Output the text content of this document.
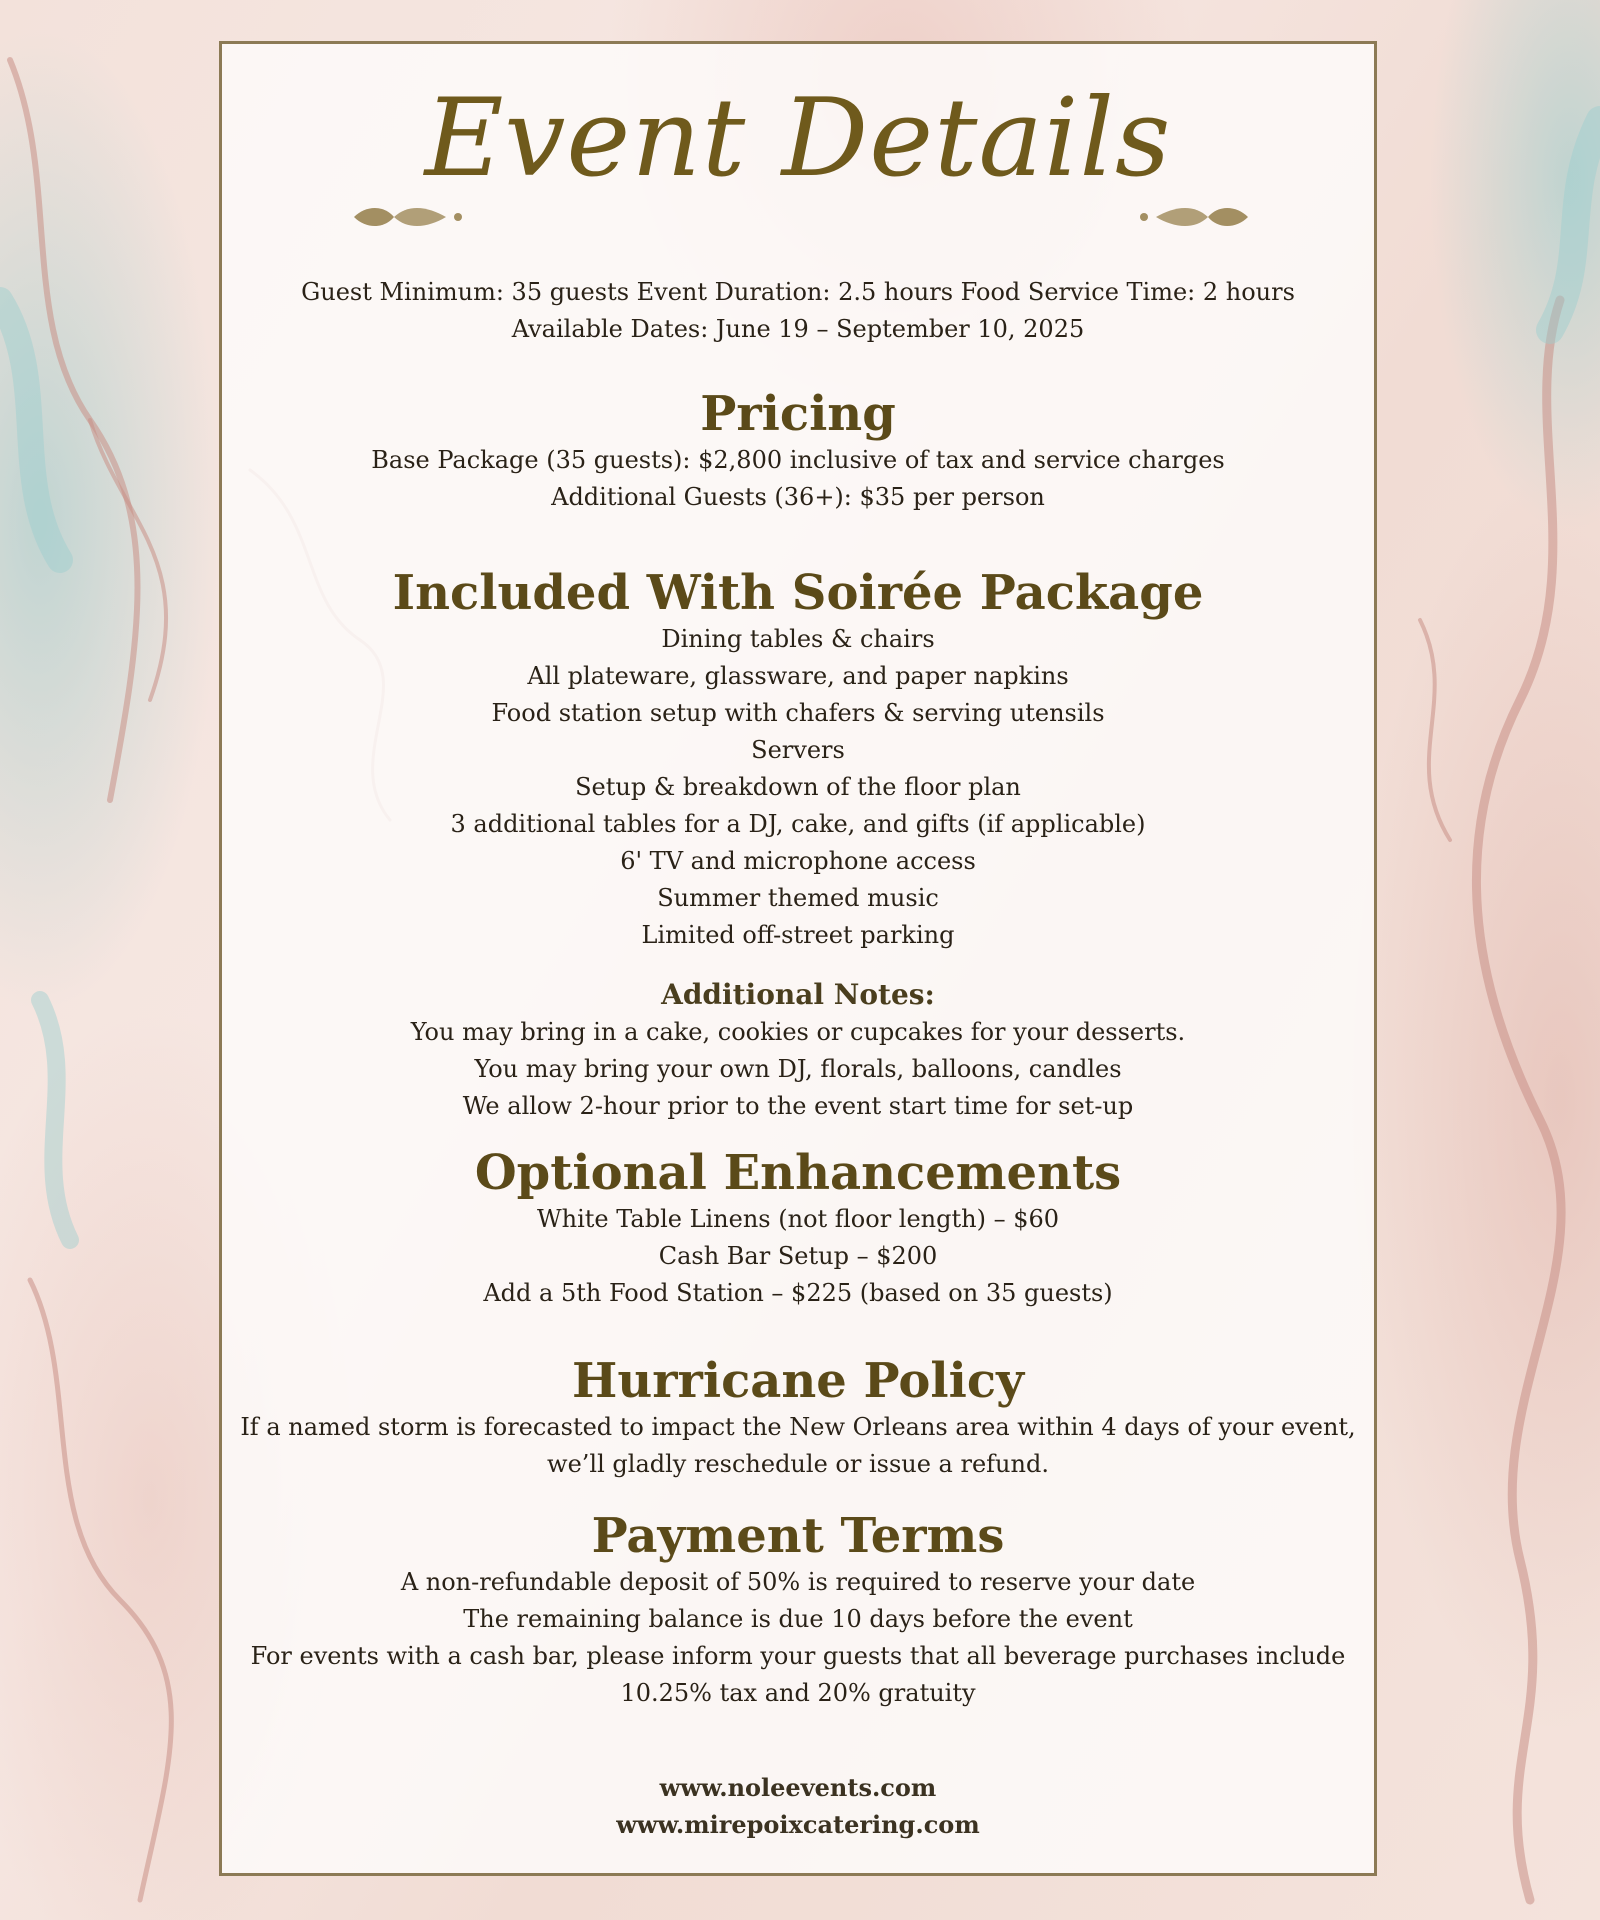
Event Details
Guest Minimum: 35 guests Event Duration: 2.5 hours Food Service Time: 2 hours
Available Dates: June 19 – September 10, 2025
Pricing
Base Package (35 guests): $2,800 inclusive of tax and service charges
Additional Guests (36+): $35 per person
Included With Soirée Package
Dining tables & chairs
All plateware, glassware, and paper napkins
Food station setup with chafers & serving utensils
Servers
Setup & breakdown of the floor plan
3 additional tables for a DJ, cake, and gifts (if applicable)
6' TV and microphone access
Summer themed music
Limited off-street parking
Additional Notes:
You may bring in a cake, cookies or cupcakes for your desserts.
You may bring your own DJ, florals, balloons, candles
We allow 2-hour prior to the event start time for set-up
Optional Enhancements
White Table Linens (not floor length) – $60
Cash Bar Setup – $200
Add a 5th Food Station – $225 (based on 35 guests)
Hurricane Policy
If a named storm is forecasted to impact the New Orleans area within 4 days of your event,
we’ll gladly reschedule or issue a refund.
Payment Terms
A non-refundable deposit of 50% is required to reserve your date
The remaining balance is due 10 days before the event
For events with a cash bar, please inform your guests that all beverage purchases include
10.25% tax and 20% gratuity
www.noleevents.com
www.mirepoixcatering.com
